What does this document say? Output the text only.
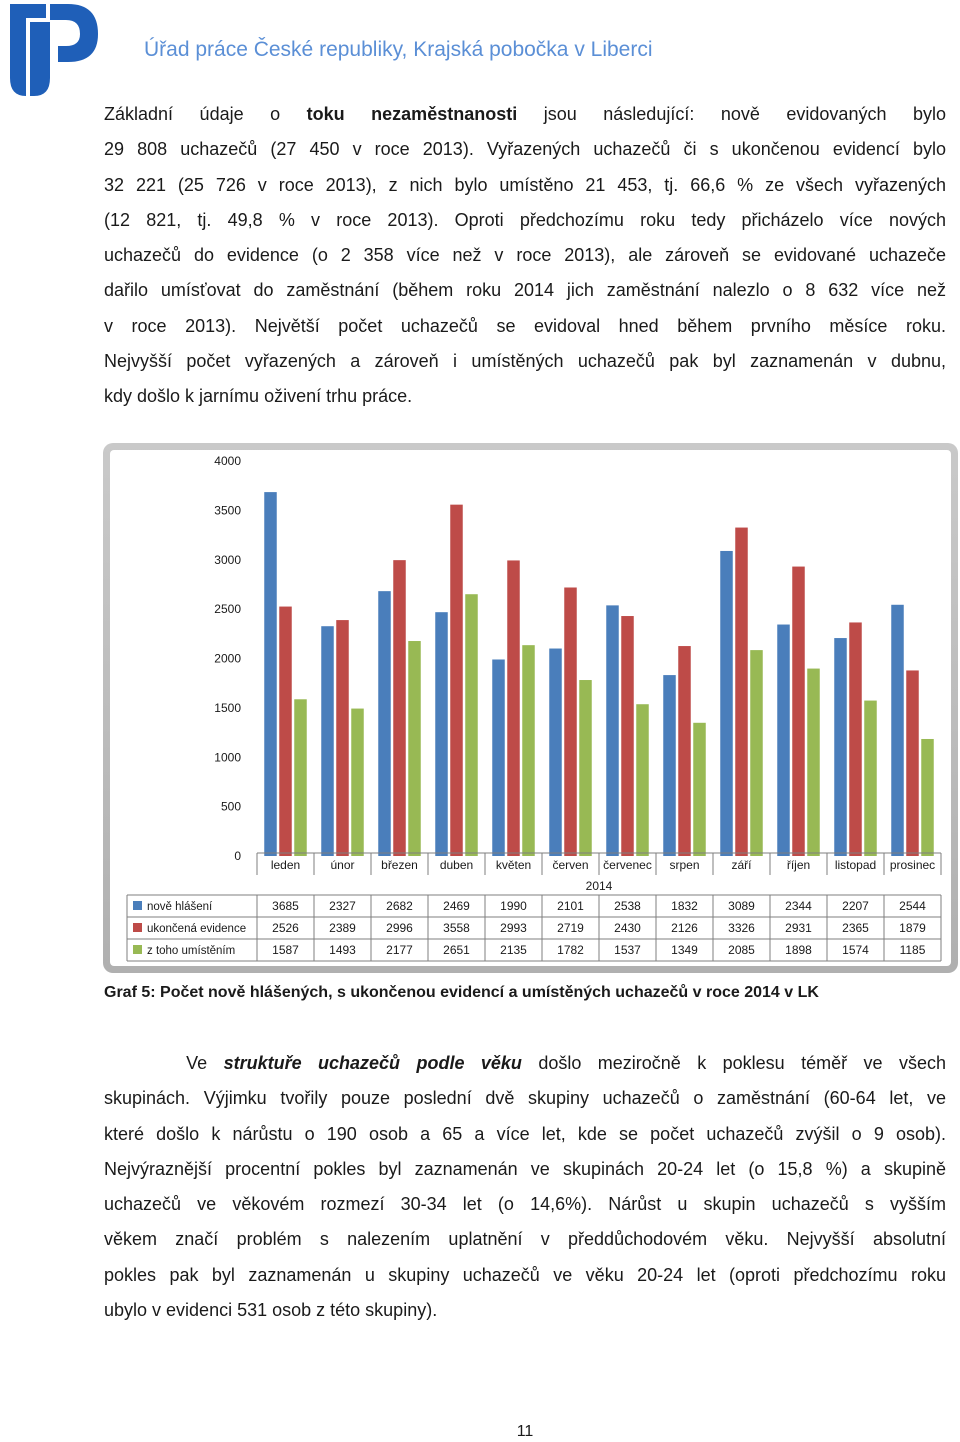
Úřad práce České republiky, Krajská pobočka v Liberci
Základní údaje o toku nezaměstnanosti jsou následující: nově evidovaných bylo
29 808 uchazečů (27 450 v roce 2013). Vyřazených uchazečů či s ukončenou evidencí bylo
32 221 (25 726 v roce 2013), z nich bylo umístěno 21 453, tj. 66,6 % ze všech vyřazených
(12 821, tj. 49,8 % v roce 2013). Oproti předchozímu roku tedy přicházelo více nových
uchazečů do evidence (o 2 358 více než v roce 2013), ale zároveň se evidované uchazeče
dařilo umísťovat do zaměstnání (během roku 2014 jich zaměstnání nalezlo o 8 632 více než
v roce 2013). Největší počet uchazečů se evidoval hned během prvního měsíce roku.
Nejvyšší počet vyřazených a zároveň i umístěných uchazečů pak byl zaznamenán v dubnu,
kdy došlo k jarnímu oživení trhu práce.
0
500
1000
1500
2000
2500
3000
3500
4000
leden	únor březen duben květen červen červenec srpen	září	říjen listopad prosinec
2014
nově hlášení	3685	2327	2682	2469	1990	2101	2538	1832	3089	2344	2207	2544
ukončená evidence 2526	2389	2996	3558	2993	2719	2430	2126	3326	2931	2365	1879
z toho umístěním	1587	1493	2177	2651	2135	1782	1537	1349	2085	1898	1574	1185
Graf 5: Počet nově hlášených, s ukončenou evidencí a umístěných uchazečů v roce 2014 v LK
Ve struktuře uchazečů podle věku došlo meziročně k poklesu téměř ve všech
skupinách. Výjimku tvořily pouze poslední dvě skupiny uchazečů o zaměstnání (60-64 let, ve
které došlo k nárůstu o 190 osob a 65 a více let, kde se počet uchazečů zvýšil o 9 osob).
Nejvýraznější procentní pokles byl zaznamenán ve skupinách 20-24 let (o 15,8 %) a skupině
uchazečů ve věkovém rozmezí 30-34 let (o 14,6%). Nárůst u skupin uchazečů s vyšším
věkem značí problém s nalezením uplatnění v předdůchodovém věku. Nejvyšší absolutní
pokles pak byl zaznamenán u skupiny uchazečů ve věku 20-24 let (oproti předchozímu roku
ubylo v evidenci 531 osob z této skupiny).
11
